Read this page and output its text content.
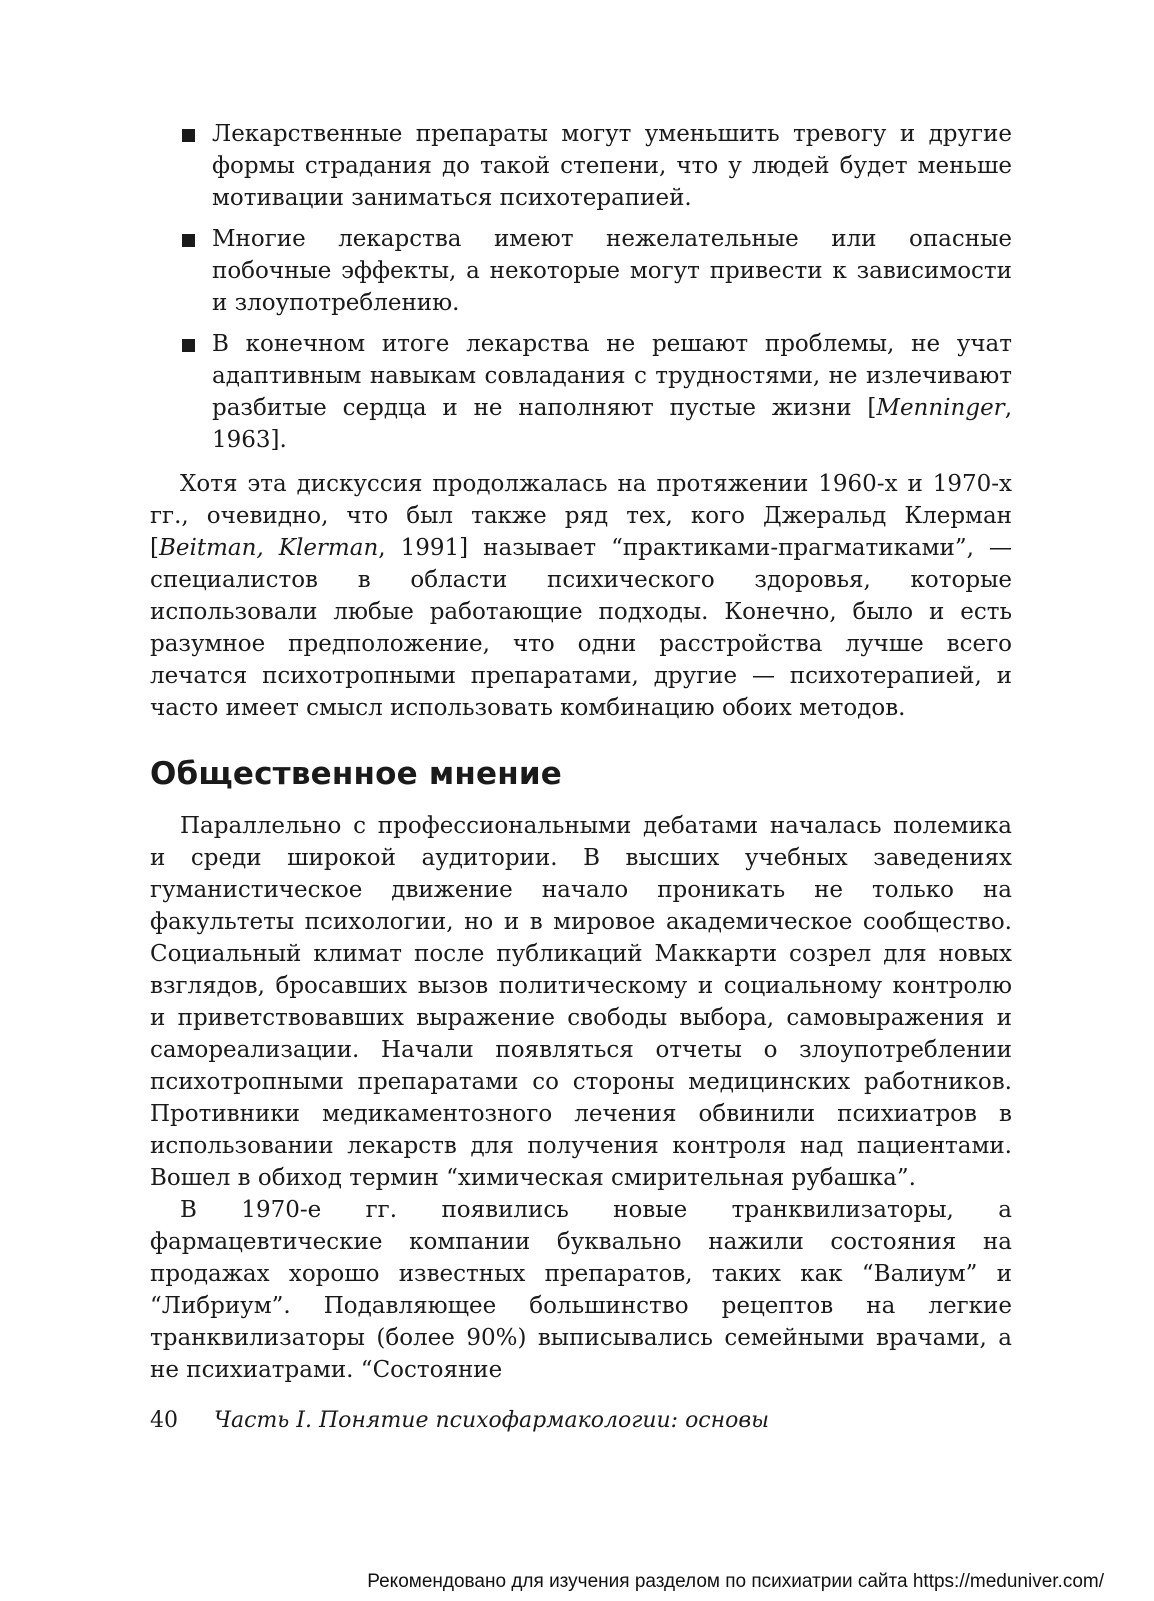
Лекарственные препараты могут уменьшить тревогу и другие формы страдания до такой степени, что у людей будет меньше мотивации заниматься психотерапией.
Многие лекарства имеют нежелательные или опасные побочные эффекты, а некоторые могут привести к зависимости и злоупотреблению.
В конечном итоге лекарства не решают проблемы, не учат адаптивным навыкам совладания с трудностями, не излечивают разбитые сердца и не наполняют пустые жизни [Menninger, 1963].

Хотя эта дискуссия продолжалась на протяжении 1960-х и 1970-х гг., очевидно, что был также ряд тех, кого Джеральд Клерман [Beitman, Klerman, 1991] называет “практиками-прагматиками”, — специалистов в области психического здоровья, которые использовали любые работающие подходы. Конечно, было и есть разумное предположение, что одни расстройства лучше всего лечатся психотропными препаратами, другие — психотерапией, и часто имеет смысл использовать комбинацию обоих методов.

Общественное мнение

Параллельно с профессиональными дебатами началась полемика и среди широкой аудитории. В высших учебных заведениях гуманистическое движение начало проникать не только на факультеты психологии, но и в мировое академическое сообщество. Социальный климат после публикаций Маккарти созрел для новых взглядов, бросавших вызов политическому и социальному контролю и приветствовавших выражение свободы выбора, самовыражения и самореализации. Начали появляться отчеты о злоупотреблении психотропными препаратами со стороны медицинских работников. Противники медикаментозного лечения обвинили психиатров в использовании лекарств для получения контроля над пациентами. Вошел в обиход термин “химическая смирительная рубашка”.

В 1970-е гг. появились новые транквилизаторы, а фармацевтические компании буквально нажили состояния на продажах хорошо известных препаратов, таких как “Валиум” и “Либриум”. Подавляющее большинство рецептов на легкие транквилизаторы (более 90%) выписывались семейными врачами, а не психиатрами. “Состояние

40 Часть I. Понятие психофармакологии: основы
Рекомендовано для изучения разделом по психиатрии сайта https://meduniver.com/
